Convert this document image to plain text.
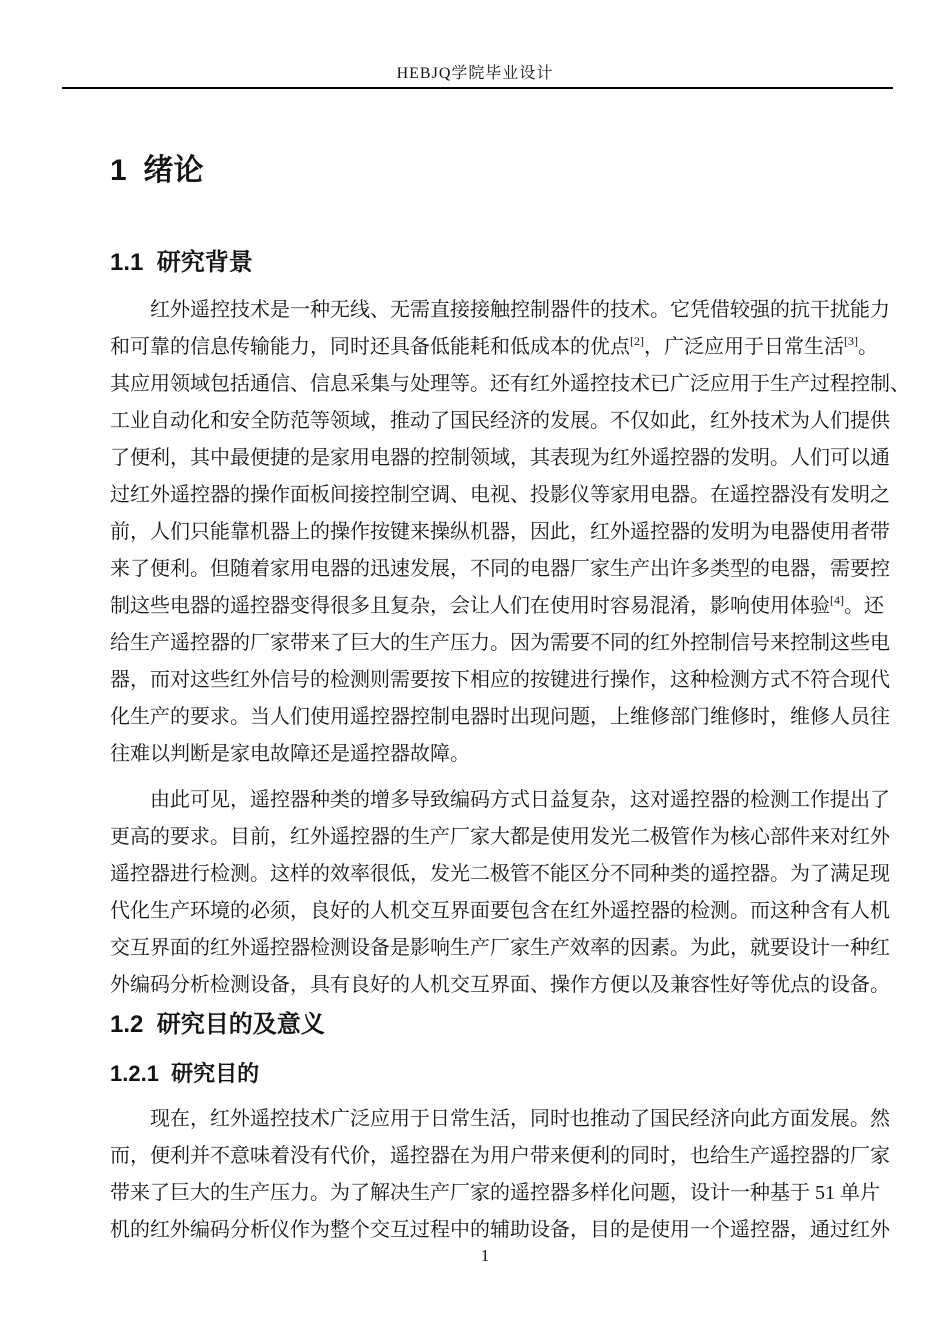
HEBJQ学院毕业设计
1  绪论
1.1  研究背景
红外遥控技术是一种无线、无需直接接触控制器件的技术。它凭借较强的抗干扰能力
和可靠的信息传输能力，同时还具备低能耗和低成本的优点[2]，广泛应用于日常生活[3]。
其应用领域包括通信、信息采集与处理等。还有红外遥控技术已广泛应用于生产过程控制、
工业自动化和安全防范等领域，推动了国民经济的发展。不仅如此，红外技术为人们提供
了便利，其中最便捷的是家用电器的控制领域，其表现为红外遥控器的发明。人们可以通
过红外遥控器的操作面板间接控制空调、电视、投影仪等家用电器。在遥控器没有发明之
前，人们只能靠机器上的操作按键来操纵机器，因此，红外遥控器的发明为电器使用者带
来了便利。但随着家用电器的迅速发展，不同的电器厂家生产出许多类型的电器，需要控
制这些电器的遥控器变得很多且复杂，会让人们在使用时容易混淆，影响使用体验[4]。还
给生产遥控器的厂家带来了巨大的生产压力。因为需要不同的红外控制信号来控制这些电
器，而对这些红外信号的检测则需要按下相应的按键进行操作，这种检测方式不符合现代
化生产的要求。当人们使用遥控器控制电器时出现问题，上维修部门维修时，维修人员往
往难以判断是家电故障还是遥控器故障。
由此可见，遥控器种类的增多导致编码方式日益复杂，这对遥控器的检测工作提出了
更高的要求。目前，红外遥控器的生产厂家大都是使用发光二极管作为核心部件来对红外
遥控器进行检测。这样的效率很低，发光二极管不能区分不同种类的遥控器。为了满足现
代化生产环境的必须，良好的人机交互界面要包含在红外遥控器的检测。而这种含有人机
交互界面的红外遥控器检测设备是影响生产厂家生产效率的因素。为此，就要设计一种红
外编码分析检测设备，具有良好的人机交互界面、操作方便以及兼容性好等优点的设备。
1.2  研究目的及意义
1.2.1  研究目的
现在，红外遥控技术广泛应用于日常生活，同时也推动了国民经济向此方面发展。然
而，便利并不意味着没有代价，遥控器在为用户带来便利的同时，也给生产遥控器的厂家
带来了巨大的生产压力。为了解决生产厂家的遥控器多样化问题，设计一种基于 51 单片
机的红外编码分析仪作为整个交互过程中的辅助设备，目的是使用一个遥控器，通过红外
1
